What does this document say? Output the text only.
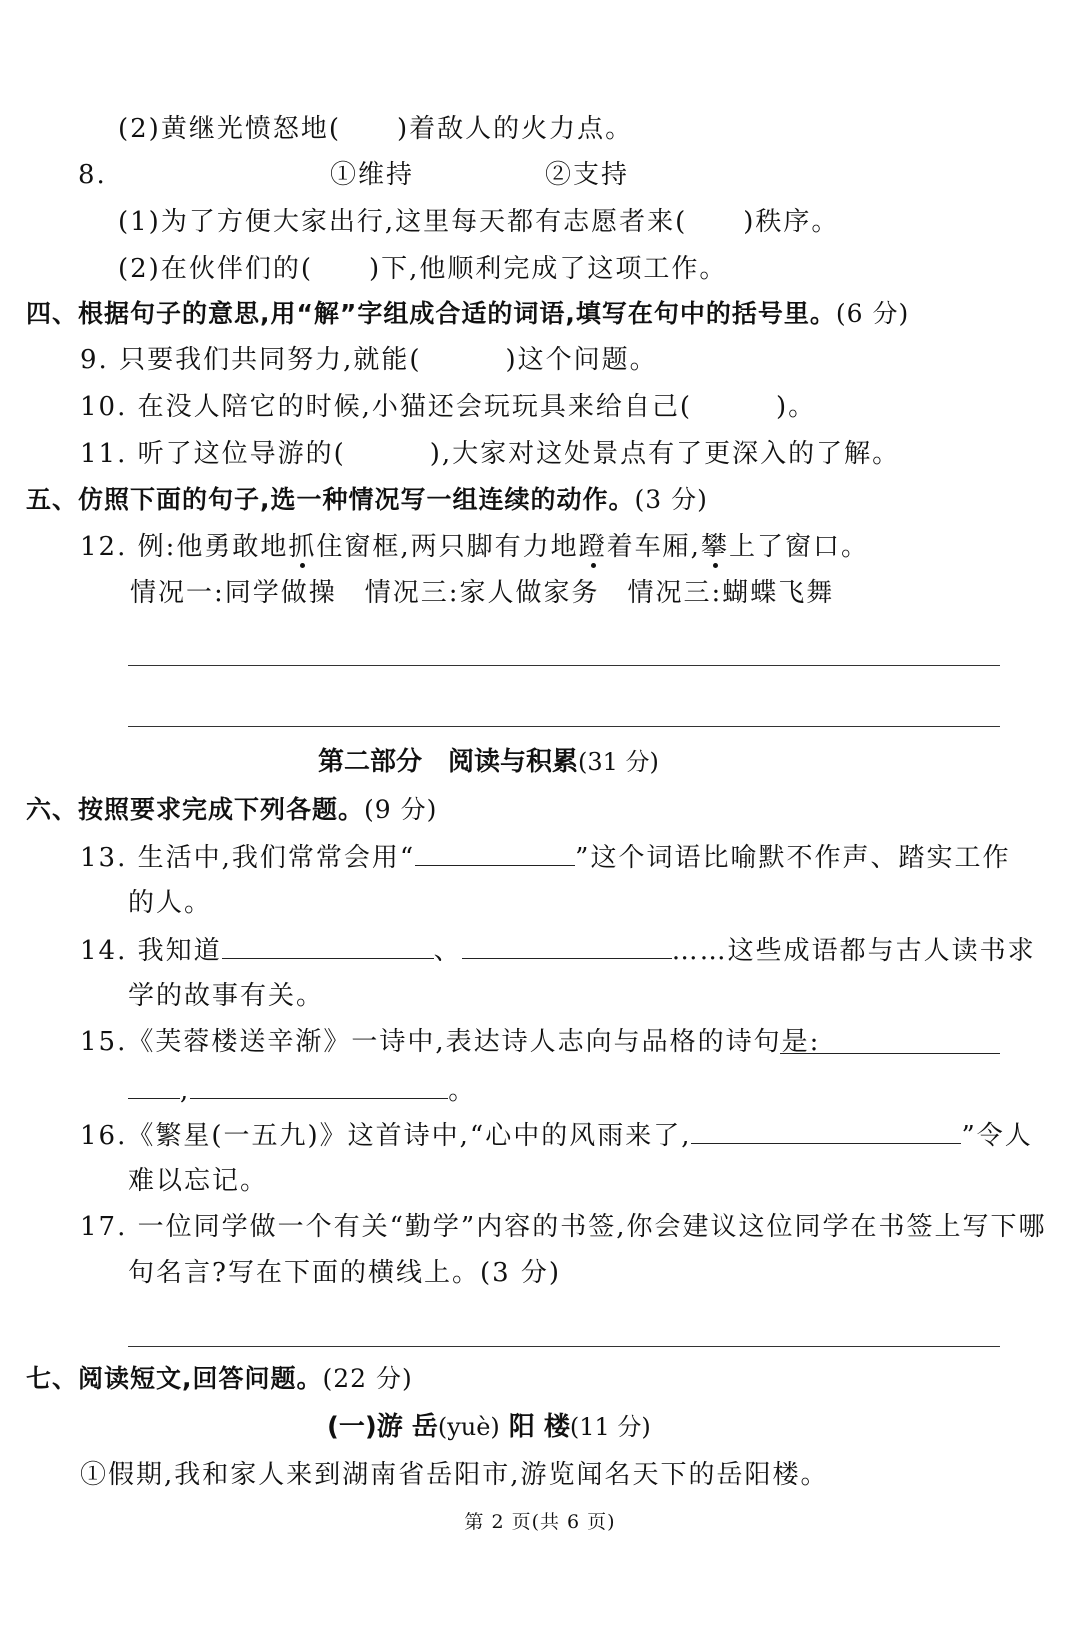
(2)黄继光愤怒地(　　)着敌人的火力点。
8.	①维持	②支持
(1)为了方便大家出行,这里每天都有志愿者来(　　)秩序。
(2)在伙伴们的(　　)下,他顺利完成了这项工作。
四、根据句子的意思,用“解”字组成合适的词语,填写在句中的括号里。(6 分)
9. 只要我们共同努力,就能(　　　)这个问题。
10. 在没人陪它的时候,小猫还会玩玩具来给自己(　　　)。
11. 听了这位导游的(　　　),大家对这处景点有了更深入的了解。
五、仿照下面的句子,选一种情况写一组连续的动作。(3 分)
12. 例:他勇敢地抓住窗框,两只脚有力地蹬着车厢,攀上了窗口。
情况一:同学做操　情况三:家人做家务　情况三:蝴蝶飞舞
第二部分　阅读与积累(31 分)
六、按照要求完成下列各题。(9 分)
13. 生活中,我们常常会用“	”这个词语比喻默不作声、踏实工作
的人。
14. 我知道	、	……这些成语都与古人读书求
学的故事有关。
15.《芙蓉楼送辛渐》一诗中,表达诗人志向与品格的诗句是:
,	。
16.《繁星(一五九)》这首诗中,“心中的风雨来了,	”令人
难以忘记。
17. 一位同学做一个有关“勤学”内容的书签,你会建议这位同学在书签上写下哪
句名言?写在下面的横线上。(3 分)
七、阅读短文,回答问题。(22 分)
(一)游 岳(yuè) 阳 楼(11 分)
①假期,我和家人来到湖南省岳阳市,游览闻名天下的岳阳楼。
第 2 页(共 6 页)
